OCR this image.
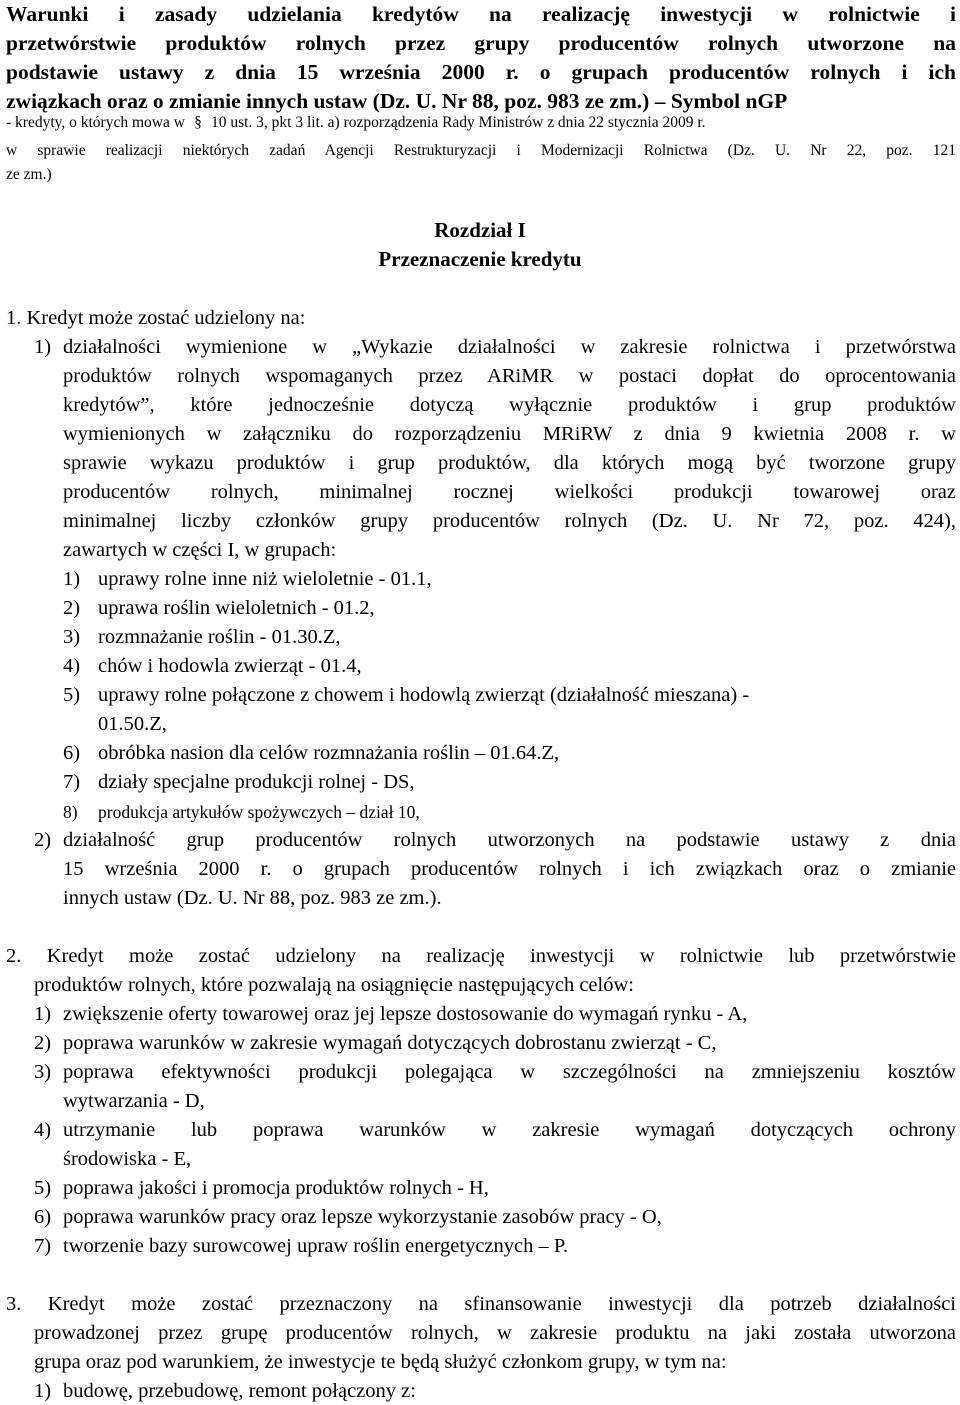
Warunki i zasady udzielania kredytów na realizację inwestycji w rolnictwie i
przetwórstwie produktów rolnych przez grupy producentów rolnych utworzone na
podstawie ustawy z dnia 15 września 2000 r. o grupach producentów rolnych i ich
związkach oraz o zmianie innych ustaw (Dz. U. Nr 88, poz. 983 ze zm.) – Symbol nGP
- kredyty, o których mowa w § 10 ust. 3, pkt 3 lit. a) rozporządzenia Rady Ministrów z dnia 22 stycznia 2009 r.
w sprawie realizacji niektórych zadań Agencji Restrukturyzacji i Modernizacji Rolnictwa (Dz. U. Nr 22, poz. 121
ze zm.)
Rozdział I
Przeznaczenie kredytu
1. Kredyt może zostać udzielony na:
1) działalności wymienione w „Wykazie działalności w zakresie rolnictwa i przetwórstwa
produktów rolnych wspomaganych przez ARiMR w postaci dopłat do oprocentowania
kredytów”, które jednocześnie dotyczą wyłącznie produktów i grup produktów
wymienionych w załączniku do rozporządzeniu MRiRW z dnia 9 kwietnia 2008 r. w
sprawie wykazu produktów i grup produktów, dla których mogą być tworzone grupy
producentów rolnych, minimalnej rocznej wielkości produkcji towarowej oraz
minimalnej liczby członków grupy producentów rolnych (Dz. U. Nr 72, poz. 424),
zawartych w części I, w grupach:
1) uprawy rolne inne niż wieloletnie - 01.1,
2) uprawa roślin wieloletnich - 01.2,
3) rozmnażanie roślin - 01.30.Z,
4) chów i hodowla zwierząt - 01.4,
5) uprawy rolne połączone z chowem i hodowlą zwierząt (działalność mieszana) -
01.50.Z,
6) obróbka nasion dla celów rozmnażania roślin – 01.64.Z,
7) działy specjalne produkcji rolnej - DS,
8) produkcja artykułów spożywczych – dział 10,
2) działalność grup producentów rolnych utworzonych na podstawie ustawy z dnia
15 września 2000 r. o grupach producentów rolnych i ich związkach oraz o zmianie
innych ustaw (Dz. U. Nr 88, poz. 983 ze zm.).
2. Kredyt może zostać udzielony na realizację inwestycji w rolnictwie lub przetwórstwie
produktów rolnych, które pozwalają na osiągnięcie następujących celów:
1) zwiększenie oferty towarowej oraz jej lepsze dostosowanie do wymagań rynku - A,
2) poprawa warunków w zakresie wymagań dotyczących dobrostanu zwierząt - C,
3) poprawa efektywności produkcji polegająca w szczególności na zmniejszeniu kosztów
wytwarzania - D,
4) utrzymanie lub poprawa warunków w zakresie wymagań dotyczących ochrony
środowiska - E,
5) poprawa jakości i promocja produktów rolnych - H,
6) poprawa warunków pracy oraz lepsze wykorzystanie zasobów pracy - O,
7) tworzenie bazy surowcowej upraw roślin energetycznych – P.
3. Kredyt może zostać przeznaczony na sfinansowanie inwestycji dla potrzeb działalności
prowadzonej przez grupę producentów rolnych, w zakresie produktu na jaki została utworzona
grupa oraz pod warunkiem, że inwestycje te będą służyć członkom grupy, w tym na:
1) budowę, przebudowę, remont połączony z:
